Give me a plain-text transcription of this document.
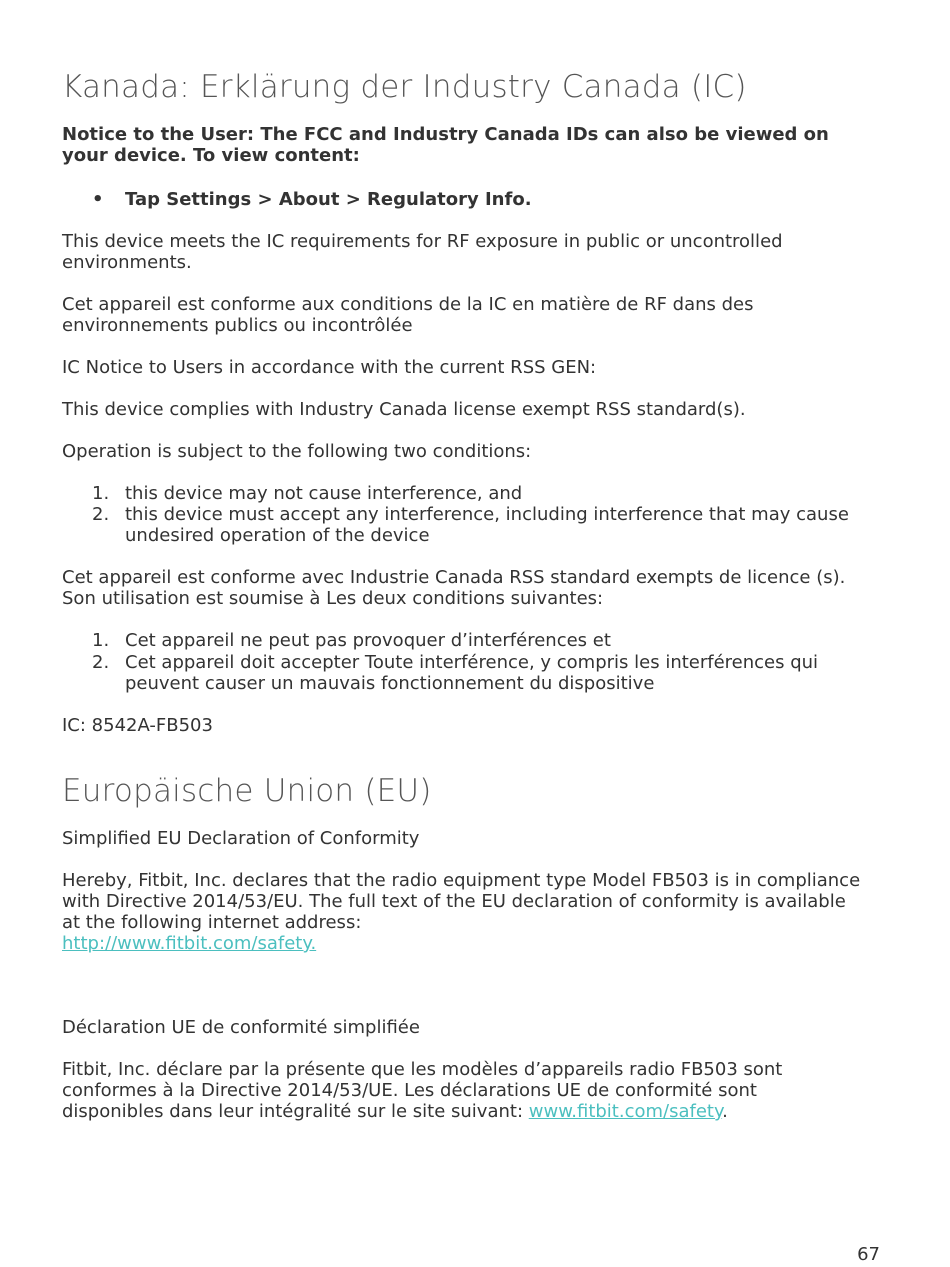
Kanada: Erklärung der Industry Canada (IC)

Notice to the User: The FCC and Industry Canada IDs can also be viewed on your device. To view content:

• Tap Settings > About > Regulatory Info.

This device meets the IC requirements for RF exposure in public or uncontrolled environments.

Cet appareil est conforme aux conditions de la IC en matière de RF dans des environnements publics ou incontrôlée

IC Notice to Users in accordance with the current RSS GEN:

This device complies with Industry Canada license exempt RSS standard(s).

Operation is subject to the following two conditions:

1. this device may not cause interference, and
2. this device must accept any interference, including interference that may cause undesired operation of the device

Cet appareil est conforme avec Industrie Canada RSS standard exempts de licence (s). Son utilisation est soumise à Les deux conditions suivantes:

1. Cet appareil ne peut pas provoquer d’interférences et
2. Cet appareil doit accepter Toute interférence, y compris les interférences qui peuvent causer un mauvais fonctionnement du dispositive

IC: 8542A-FB503

Europäische Union (EU)

Simplified EU Declaration of Conformity

Hereby, Fitbit, Inc. declares that the radio equipment type Model FB503 is in compliance with Directive 2014/53/EU. The full text of the EU declaration of conformity is available at the following internet address:
http://www.fitbit.com/safety.

Déclaration UE de conformité simplifiée

Fitbit, Inc. déclare par la présente que les modèles d’appareils radio FB503 sont conformes à la Directive 2014/53/UE. Les déclarations UE de conformité sont disponibles dans leur intégralité sur le site suivant: www.fitbit.com/safety.

67
